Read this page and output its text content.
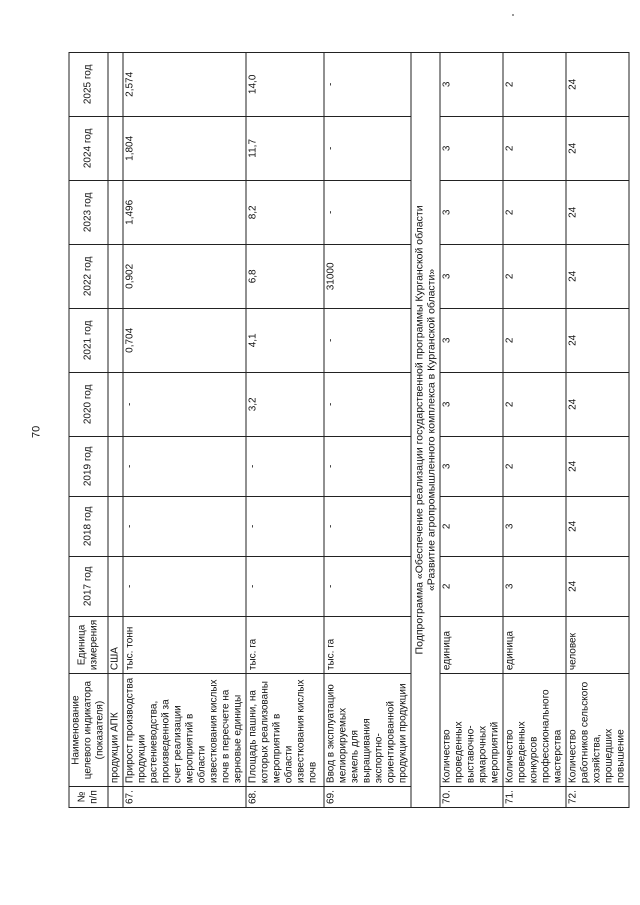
70
№ п/п	Наименование целевого индикатора (показателя)	Единица измерения	2017 год	2018 год	2019 год	2020 год	2021 год	2022 год	2023 год	2024 год	2025 год
	продукции АПК	США									
67.	Прирост производства продукции растениеводства, произведенной за счет реализации мероприятий в области известкования кислых почв в пересчете на зерновые единицы	тыс. тонн	-	-	-	-	0,704	0,902	1,496	1,804	2,574
68.	Площадь пашни, на которых реализованы мероприятий в области известкования кислых почв	тыс. га	-	-	-	3,2	4,1	6,8	8,2	11,7	14,0
69.	Ввод в эксплуатацию мелиорируемых земель для выращивания экспортно-ориентированной продукции продукции	тыс. га	-	-	-	-	-	31000	-	-	-

Подпрограмма «Обеспечение реализации государственной программы Курганской области «Развитие агропромышленного комплекса в Курганской области»											

70.	Количество проведенных выставочно-ярмарочных мероприятий	единица	2	2	3	3	3	3	3	3	3
71.	Количество проведенных конкурсов профессионального мастерства	единица	3	3	2	2	2	2	2	2	2
72.	Количество работников сельского хозяйства, прошедших повышение	человек	24	24	24	24	24	24	24	24	24
